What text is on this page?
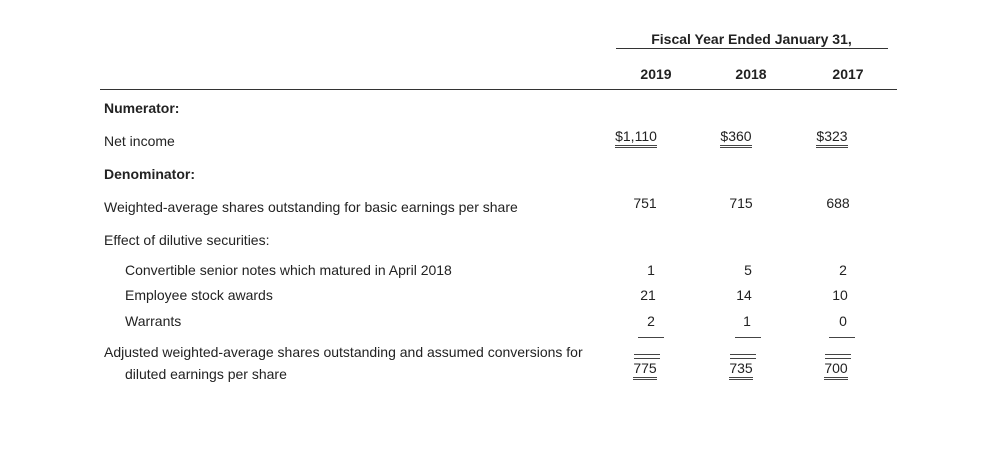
Fiscal Year Ended January 31,
2019	2018	2017
Numerator:
Net income	$1,110	$360	$323
Denominator:
Weighted-average shares outstanding for basic earnings per share	751	715	688
Effect of dilutive securities:
Convertible senior notes which matured in April 2018	1	5	2
Employee stock awards	21	14	10
Warrants	2	1	0
Adjusted weighted-average shares outstanding and assumed conversions for
diluted earnings per share	775	735	700
